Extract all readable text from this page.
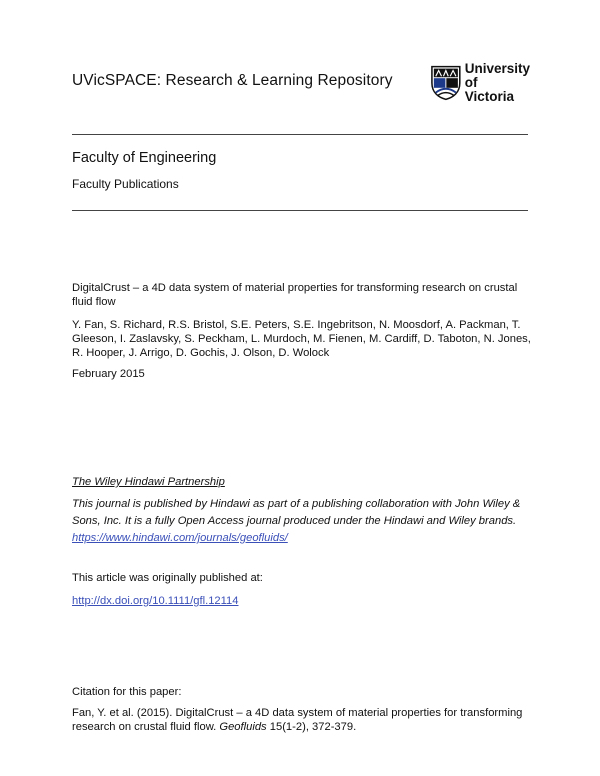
UVicSPACE: Research & Learning Repository
University
of Victoria
Faculty of Engineering
Faculty Publications
DigitalCrust – a 4D data system of material properties for transforming research on crustal fluid flow
Y. Fan, S. Richard, R.S. Bristol, S.E. Peters, S.E. Ingebritson, N. Moosdorf, A. Packman, T. Gleeson, I. Zaslavsky, S. Peckham, L. Murdoch, M. Fienen, M. Cardiff, D. Taboton, N. Jones, R. Hooper, J. Arrigo, D. Gochis, J. Olson, D. Wolock
February 2015
The Wiley Hindawi Partnership
This journal is published by Hindawi as part of a publishing collaboration with John Wiley & Sons, Inc. It is a fully Open Access journal produced under the Hindawi and Wiley brands. https://www.hindawi.com/journals/geofluids/
This article was originally published at:
http://dx.doi.org/10.1111/gfl.12114
Citation for this paper:
Fan, Y. et al. (2015). DigitalCrust – a 4D data system of material properties for transforming research on crustal fluid flow. Geofluids 15(1-2), 372-379.
